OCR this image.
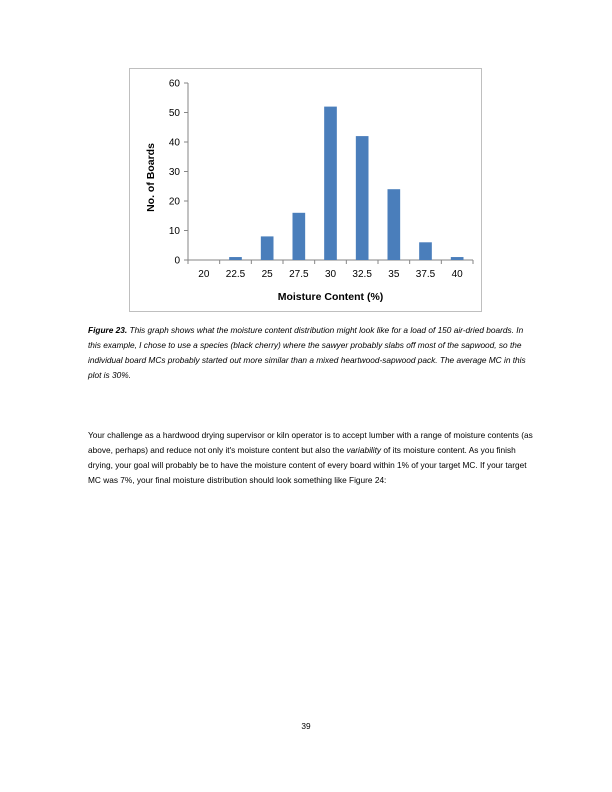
0
10
20
30
40
50
60
20 22.5 25 27.5 30 32.5 35 37.5 40
Moisture Content (%)
No. of Boards

Figure 23. This graph shows what the moisture content distribution might look like for a load of 150 air-dried boards. In this example, I chose to use a species (black cherry) where the sawyer probably slabs off most of the sapwood, so the individual board MCs probably started out more similar than a mixed heartwood-sapwood pack. The average MC in this plot is 30%.

Your challenge as a hardwood drying supervisor or kiln operator is to accept lumber with a range of moisture contents (as above, perhaps) and reduce not only it's moisture content but also the variability of its moisture content. As you finish drying, your goal will probably be to have the moisture content of every board within 1% of your target MC. If your target MC was 7%, your final moisture distribution should look something like Figure 24:

39
